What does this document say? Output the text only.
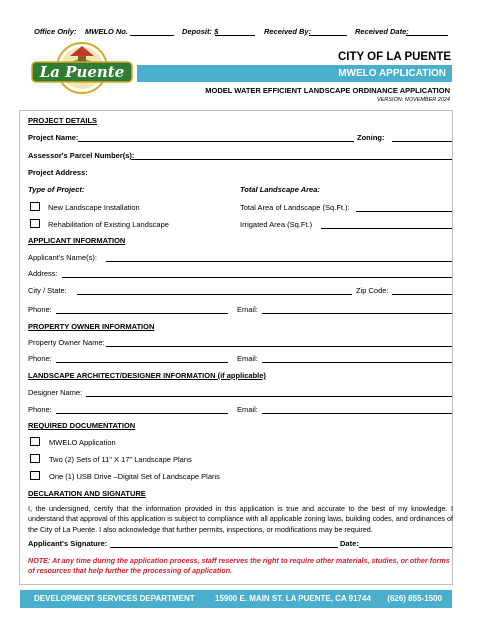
Office Only: MWELO No.	Deposit: $	Received By:	Received Date:
La Puente
CITY OF LA PUENTE
MWELO APPLICATION
MODEL WATER EFFICIENT LANDSCAPE ORDINANCE APPLICATION
VERSION: NOVEMBER 2024
PROJECT DETAILS
Project Name:	Zoning:
Assessor's Parcel Number(s):
Project Address:
Type of Project:	Total Landscape Area:
New Landscape Installation	Total Area of Landscape (Sq.Ft.):
Rehabilitation of Existing Landscape	Irrigated Area (Sq.Ft.)
APPLICANT INFORMATION
Applicant's Name(s):
Address:
City / State:	Zip Code:
Phone:	Email:
PROPERTY OWNER INFORMATION
Property Owner Name:
Phone:	Email:
LANDSCAPE ARCHITECT/DESIGNER INFORMATION (if applicable)
Designer Name:
Phone:	Email:
REQUIRED DOCUMENTATION
MWELO Application
Two (2) Sets of 11" X 17" Landscape Plans
One (1) USB Drive –Digital Set of Landscape Plans
DECLARATION AND SIGNATURE
I, the undersigned, certify that the information provided in this application is true and accurate to the best of my knowledge. I understand that approval of this application is subject to compliance with all applicable zoning laws, building codes, and ordinances of the City of La Puente. I also acknowledge that further permits, inspections, or modifications may be required.
Applicant's Signature:	Date:
NOTE: At any time during the application process, staff reserves the right to require other materials, studies, or other forms of resources that help further the processing of application.
DEVELOPMENT SERVICES DEPARTMENT	15900 E. MAIN ST. LA PUENTE, CA 91744 (626) 855-1500
